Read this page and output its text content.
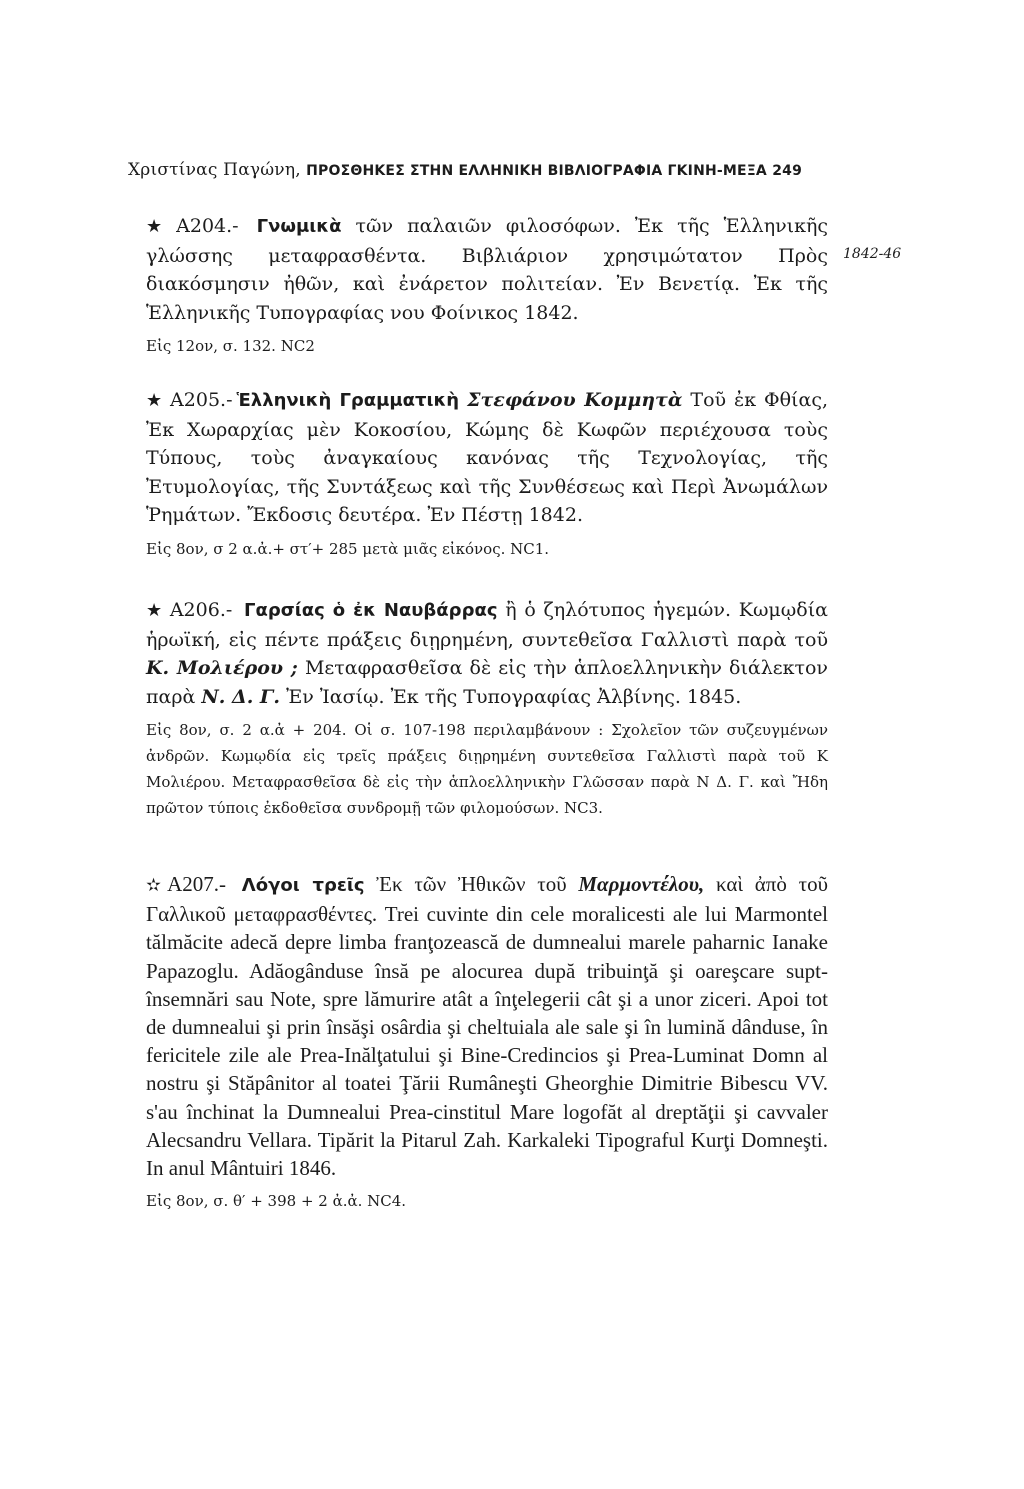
Χριστίνας Παγώνη, ΠΡΟΣΘΗΚΕΣ ΣΤΗΝ ΕΛΛΗΝΙΚΗ ΒΙΒΛΙΟΓΡΑΦΙΑ ΓΚΙΝΗ-ΜΕΞΑ 249
1842-46

★ A204.- Γνωμικὰ τῶν παλαιῶν φιλοσόφων. Ἐκ τῆς Ἑλληνικῆς γλώσσης μεταφρασθέντα. Βιβλιάριον χρησιμώτατον Πρὸς διακόσμησιν ἠθῶν, καὶ ἐνάρετον πολιτείαν. Ἐν Βενετίᾳ. Ἐκ τῆς Ἑλληνικῆς Τυπογραφίας νου Φοίνικος 1842.

Εἰς 12ον, σ. 132. NC2

★ A205.- Ἑλληνικὴ Γραμματικὴ Στεφάνου Κομμητὰ Τοῦ ἐκ Φθίας, Ἐκ Χωραρχίας μὲν Κοκοσίου, Κώμης δὲ Κωφῶν περιέχουσα τοὺς Τύπους, τοὺς ἀναγκαίους κανόνας τῆς Τεχνολογίας, τῆς Ἐτυμολογίας, τῆς Συντάξεως καὶ τῆς Συνθέσεως καὶ Περὶ Ἀνωμάλων Ῥημάτων. Ἔκδοσις δευτέρα. Ἐν Πέστῃ 1842.

Εἰς 8ον, σ 2 α.ἀ.+ στ′+ 285 μετὰ μιᾶς εἰκόνος. NC1.

★ A206.- Γαρσίας ὁ ἐκ Ναυβάρρας ἢ ὁ ζηλότυπος ἡγεμών. Κωμῳδία ἡρωϊκή, εἰς πέντε πράξεις διῃρημένη, συντεθεῖσα Γαλλιστὶ παρὰ τοῦ Κ. Μολιέρου ; Μεταφρασθεῖσα δὲ εἰς τὴν ἁπλοελληνικὴν διάλεκτον παρὰ Ν. Δ. Γ. Ἐν Ἰασίῳ. Ἐκ τῆς Τυπογραφίας Ἀλβίνης. 1845.

Εἰς 8ον, σ. 2 α.ἀ + 204. Οἱ σ. 107-198 περιλαμβάνουν : Σχολεῖον τῶν συζευγμένων ἀνδρῶν. Κωμῳδία εἰς τρεῖς πράξεις διῃρημένη συντεθεῖσα Γαλλιστὶ παρὰ τοῦ Κ Μολιέρου. Μεταφρασθεῖσα δὲ εἰς τὴν ἁπλοελληνικὴν Γλῶσσαν παρὰ Ν Δ. Γ. καὶ Ἤδη πρῶτον τύποις ἐκδοθεῖσα συνδρομῇ τῶν φιλομούσων. NC3.

✫ A207.- Λόγοι τρεῖς Ἐκ τῶν Ἠθικῶν τοῦ Μαρμοντέλου, καὶ ἀπὸ τοῦ Γαλλικοῦ μεταφρασθέντες. Trei cuvinte din cele moralicesti ale lui Marmontel tălmăcite adecă depre limba franţozească de dumnealui marele paharnic Ianake Papazoglu. Adăogânduse însă pe alocurea după tribuinţă şi oareşcare supt-însemnări sau Note, spre lămurire atât a înţelegerii cât şi a unor ziceri. Apoi tot de dumnealui şi prin însăşi osârdia şi cheltuiala ale sale şi în lumină dânduse, în fericitele zile ale Prea-Inălţatului şi Bine-Credincios şi Prea-Luminat Domn al nostru şi Stăpânitor al toatei Ţării Rumâneşti Gheorghie Dimitrie Bibescu VV. s'au închinat la Dumnealui Prea-cinstitul Mare logofăt al dreptăţii şi cavvaler Alecsandru Vellara. Tipărit la Pitarul Zah. Karkaleki Tipograful Kurţi Domneşti. In anul Mântuiri 1846.

Εἰς 8ον, σ. θ′ + 398 + 2 ἀ.ἀ. NC4.
